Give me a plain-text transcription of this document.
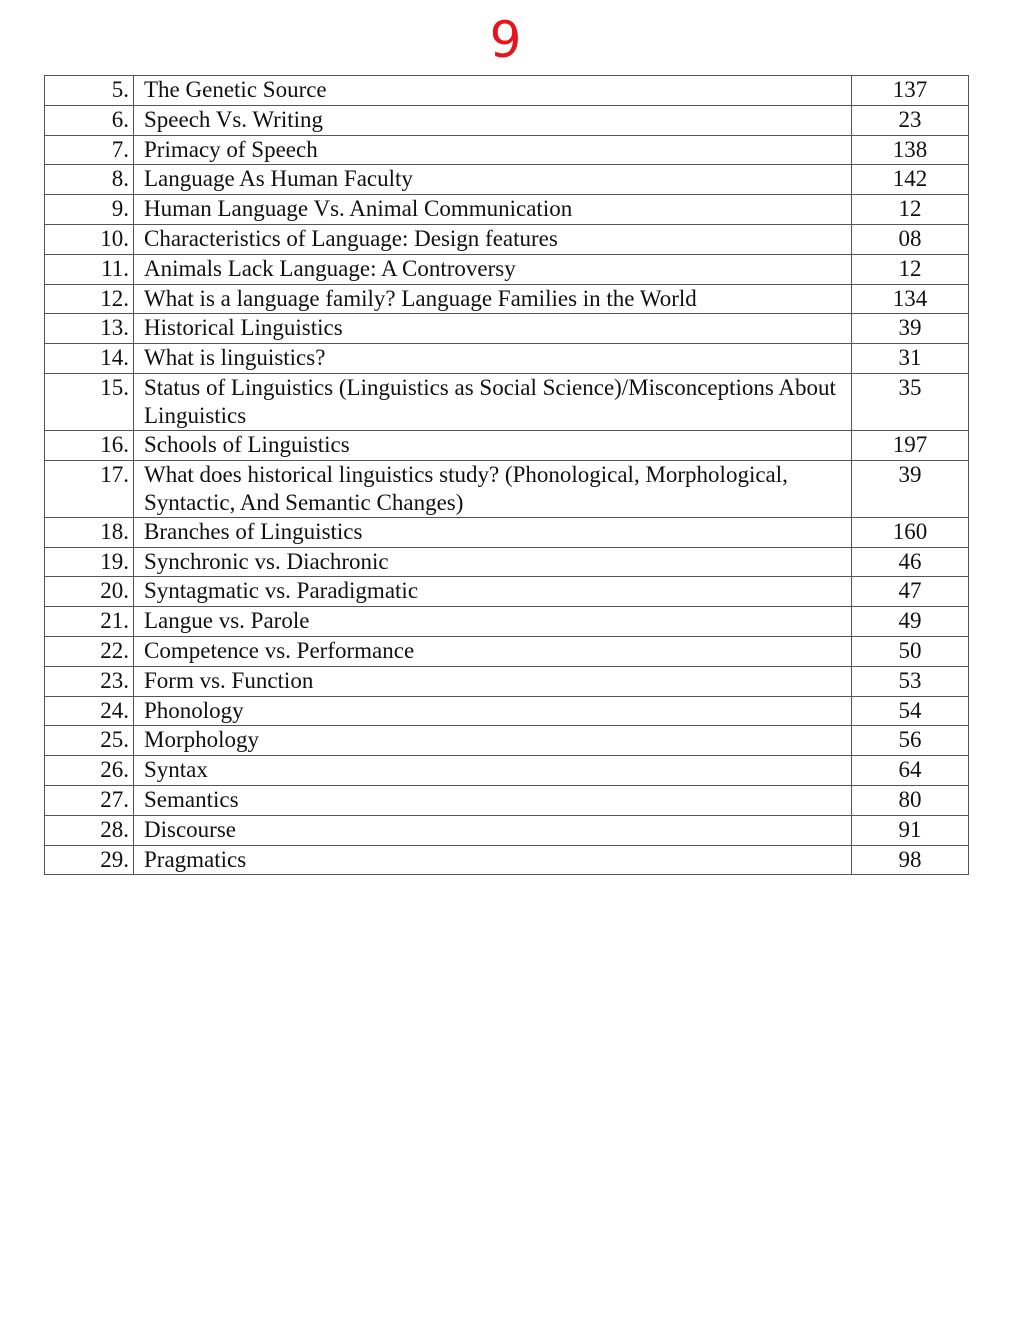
9
5.	The Genetic Source	137
6.	Speech Vs. Writing	23
7.	Primacy of Speech	138
8.	Language As Human Faculty	142
9.	Human Language Vs. Animal Communication	12
10.	Characteristics of Language: Design features	08
11.	Animals Lack Language: A Controversy	12
12.	What is a language family? Language Families in the World	134
13.	Historical Linguistics	39
14.	What is linguistics?	31
15.	Status of Linguistics (Linguistics as Social Science)/Misconceptions About Linguistics	35
16.	Schools of Linguistics	197
17.	What does historical linguistics study? (Phonological, Morphological, Syntactic, And Semantic Changes)	39
18.	Branches of Linguistics	160
19.	Synchronic vs. Diachronic	46
20.	Syntagmatic vs. Paradigmatic	47
21.	Langue vs. Parole	49
22.	Competence vs. Performance	50
23.	Form vs. Function	53
24.	Phonology	54
25.	Morphology	56
26.	Syntax	64
27.	Semantics	80
28.	Discourse	91
29.	Pragmatics	98
